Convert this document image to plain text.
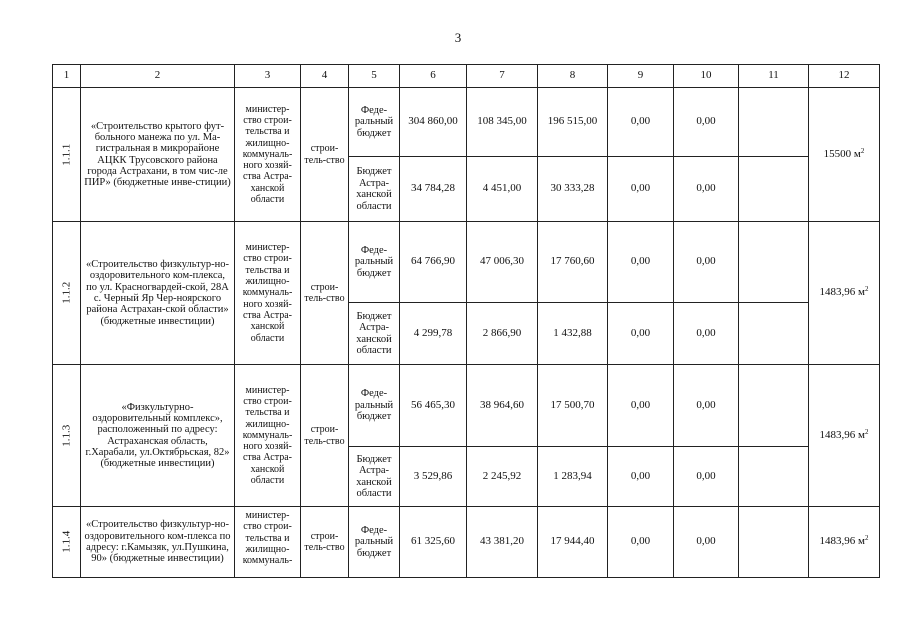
3
1	2	3	4	5	6	7	8	9	10	11	12
1.1.1	«Строительство крытого фут-больного манежа по ул. Ма-гистральная в микрорайоне АЦКК Трусовского района города Астрахани, в том чис-ле ПИР» (бюджетные инве-стиции)	министер-ство строи-тельства и жилищно-коммуналь-ного хозяй-ства Астра-ханской области	строи-тель-ство	Феде-ральный бюджет	304 860,00	108 345,00	196 515,00	0,00	0,00		15500 $м^2$
				Бюджет Астра-ханской области	34 784,28	4 451,00	30 333,28	0,00	0,00		
1.1.2	«Строительство физкультур-но-оздоровительного ком-плекса, по ул. Красногвардей-ской, 28А с. Черный Яр Чер-ноярского района Астрахан-ской области» (бюджетные инвестиции)	министер-ство строи-тельства и жилищно-коммуналь-ного хозяй-ства Астра-ханской области	строи-тель-ство	Феде-ральный бюджет	64 766,90	47 006,30	17 760,60	0,00	0,00		1483,96 $м^2$
				Бюджет Астра-ханской области	4 299,78	2 866,90	1 432,88	0,00	0,00		
1.1.3	«Физкультурно-оздоровительный комплекс», расположенный по адресу: Астраханская область, г.Харабали, ул.Октябрьская, 82» (бюджетные инвестиции)	министер-ство строи-тельства и жилищно-коммуналь-ного хозяй-ства Астра-ханской области	строи-тель-ство	Феде-ральный бюджет	56 465,30	38 964,60	17 500,70	0,00	0,00		1483,96 $м^2$
				Бюджет Астра-ханской области	3 529,86	2 245,92	1 283,94	0,00	0,00		
1.1.4	«Строительство физкультур-но-оздоровительного ком-плекса по адресу: г.Камызяк, ул.Пушкина, 90» (бюджетные инвестиции)	министер-ство строи-тельства и жилищно-коммуналь-	строи-тель-ство	Феде-ральный бюджет	61 325,60	43 381,20	17 944,40	0,00	0,00		1483,96 $м^2$
